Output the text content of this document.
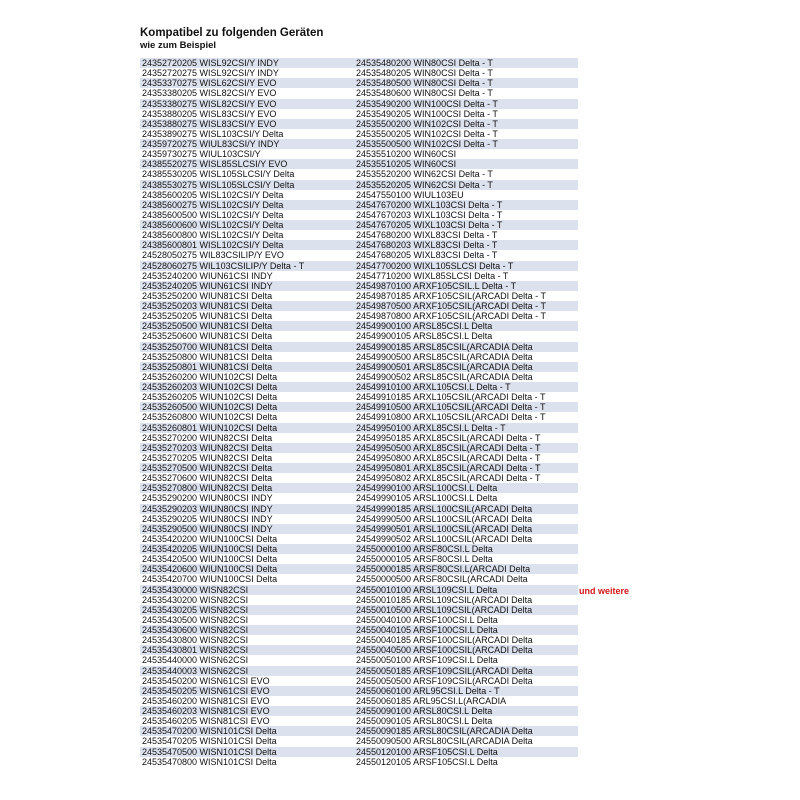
Kompatibel zu folgenden Geräten
wie zum Beispiel
24352720205 WISL92CSI/Y INDY	24535480200 WIN80CSI Delta - T
24352720275 WISL92CSI/Y INDY	24535480205 WIN80CSI Delta - T
24353370275 WISL62CSI/Y EVO	24535480500 WIN80CSI Delta - T
24353380205 WISL82CSI/Y EVO	24535480600 WIN80CSI Delta - T
24353380275 WISL82CSI/Y EVO	24535490200 WIN100CSI Delta - T
24353880205 WISL83CSI/Y EVO	24535490205 WIN100CSI Delta - T
24353880275 WISL83CSI/Y EVO	24535500200 WIN102CSI Delta - T
24353890275 WISL103CSI/Y Delta	24535500205 WIN102CSI Delta - T
24359720275 WIUL83CSI/Y INDY	24535500500 WIN102CSI Delta - T
24359730275 WIUL103CSI/Y	24535510200 WIN60CSI
24385520275 WISL85SLCSI/Y EVO	24535510205 WIN60CSI
24385530205 WISL105SLCSI/Y Delta	24535520200 WIN62CSI Delta - T
24385530275 WISL105SLCSI/Y Delta	24535520205 WIN62CSI Delta - T
24385600205 WISL102CSI/Y Delta	24547550100 WIUL103EU
24385600275 WISL102CSI/Y Delta	24547670200 WIXL103CSI Delta - T
24385600500 WISL102CSI/Y Delta	24547670203 WIXL103CSI Delta - T
24385600600 WISL102CSI/Y Delta	24547670205 WIXL103CSI Delta - T
24385600800 WISL102CSI/Y Delta	24547680200 WIXL83CSI Delta - T
24385600801 WISL102CSI/Y Delta	24547680203 WIXL83CSI Delta - T
24528050275 WIL83CSILIP/Y EVO	24547680205 WIXL83CSI Delta - T
24528060275 WIL103CSILIP/Y Delta - T	24547700200 WIXL105SLCSI Delta - T
24535240200 WIUN61CSI INDY	24547710200 WIXL85SLCSI Delta - T
24535240205 WIUN61CSI INDY	24549870100 ARXF105CSIL.L Delta - T
24535250200 WIUN81CSI Delta	24549870185 ARXF105CSIL(ARCADI Delta - T
24535250203 WIUN81CSI Delta	24549870500 ARXF105CSIL(ARCADI Delta - T
24535250205 WIUN81CSI Delta	24549870800 ARXF105CSIL(ARCADI Delta - T
24535250500 WIUN81CSI Delta	24549900100 ARSL85CSI.L Delta
24535250600 WIUN81CSI Delta	24549900105 ARSL85CSI.L Delta
24535250700 WIUN81CSI Delta	24549900185 ARSL85CSIL(ARCADIA Delta
24535250800 WIUN81CSI Delta	24549900500 ARSL85CSIL(ARCADIA Delta
24535250801 WIUN81CSI Delta	24549900501 ARSL85CSIL(ARCADIA Delta
24535260200 WIUN102CSI Delta	24549900502 ARSL85CSIL(ARCADIA Delta
24535260203 WIUN102CSI Delta	24549910100 ARXL105CSI.L Delta - T
24535260205 WIUN102CSI Delta	24549910185 ARXL105CSIL(ARCADI Delta - T
24535260500 WIUN102CSI Delta	24549910500 ARXL105CSIL(ARCADI Delta - T
24535260800 WIUN102CSI Delta	24549910800 ARXL105CSIL(ARCADI Delta - T
24535260801 WIUN102CSI Delta	24549950100 ARXL85CSI.L Delta - T
24535270200 WIUN82CSI Delta	24549950185 ARXL85CSIL(ARCADI Delta - T
24535270203 WIUN82CSI Delta	24549950500 ARXL85CSIL(ARCADI Delta - T
24535270205 WIUN82CSI Delta	24549950800 ARXL85CSIL(ARCADI Delta - T
24535270500 WIUN82CSI Delta	24549950801 ARXL85CSIL(ARCADI Delta - T
24535270600 WIUN82CSI Delta	24549950802 ARXL85CSIL(ARCADI Delta - T
24535270800 WIUN82CSI Delta	24549990100 ARSL100CSI.L Delta
24535290200 WIUN80CSI INDY	24549990105 ARSL100CSI.L Delta
24535290203 WIUN80CSI INDY	24549990185 ARSL100CSIL(ARCADI Delta
24535290205 WIUN80CSI INDY	24549990500 ARSL100CSIL(ARCADI Delta
24535290500 WIUN80CSI INDY	24549990501 ARSL100CSIL(ARCADI Delta
24535420200 WIUN100CSI Delta	24549990502 ARSL100CSIL(ARCADI Delta
24535420205 WIUN100CSI Delta	24550000100 ARSF80CSI.L Delta
24535420500 WIUN100CSI Delta	24550000105 ARSF80CSI.L Delta
24535420600 WIUN100CSI Delta	24550000185 ARSF80CSI.L(ARCADI Delta
24535420700 WIUN100CSI Delta	24550000500 ARSF80CSIL(ARCADI Delta
24535430000 WISN82CSI	24550010100 ARSL109CSI.L Delta
24535430200 WISN82CSI	24550010185 ARSL109CSIL(ARCADI Delta
24535430205 WISN82CSI	24550010500 ARSL109CSIL(ARCADI Delta
24535430500 WISN82CSI	24550040100 ARSF100CSI.L Delta
24535430600 WISN82CSI	24550040105 ARSF100CSI.L Delta
24535430800 WISN82CSI	24550040185 ARSF100CSIL(ARCADI Delta
24535430801 WISN82CSI	24550040500 ARSF100CSIL(ARCADI Delta
24535440000 WISN62CSI	24550050100 ARSF109CSI.L Delta
24535440003 WISN62CSI	24550050185 ARSF109CSIL(ARCADI Delta
24535450200 WISN61CSI EVO	24550050500 ARSF109CSIL(ARCADI Delta
24535450205 WISN61CSI EVO	24550060100 ARL95CSI.L Delta - T
24535460200 WISN81CSI EVO	24550060185 ARL95CSI.L(ARCADIA
24535460203 WISN81CSI EVO	24550090100 ARSL80CSI.L Delta
24535460205 WISN81CSI EVO	24550090105 ARSL80CSI.L Delta
24535470200 WISN101CSI Delta	24550090185 ARSL80CSIL(ARCADIA Delta
24535470205 WISN101CSI Delta	24550090500 ARSL80CSIL(ARCADIA Delta
24535470500 WISN101CSI Delta	24550120100 ARSF105CSI.L Delta
24535470800 WISN101CSI Delta	24550120105 ARSF105CSI.L Delta
und weitere
